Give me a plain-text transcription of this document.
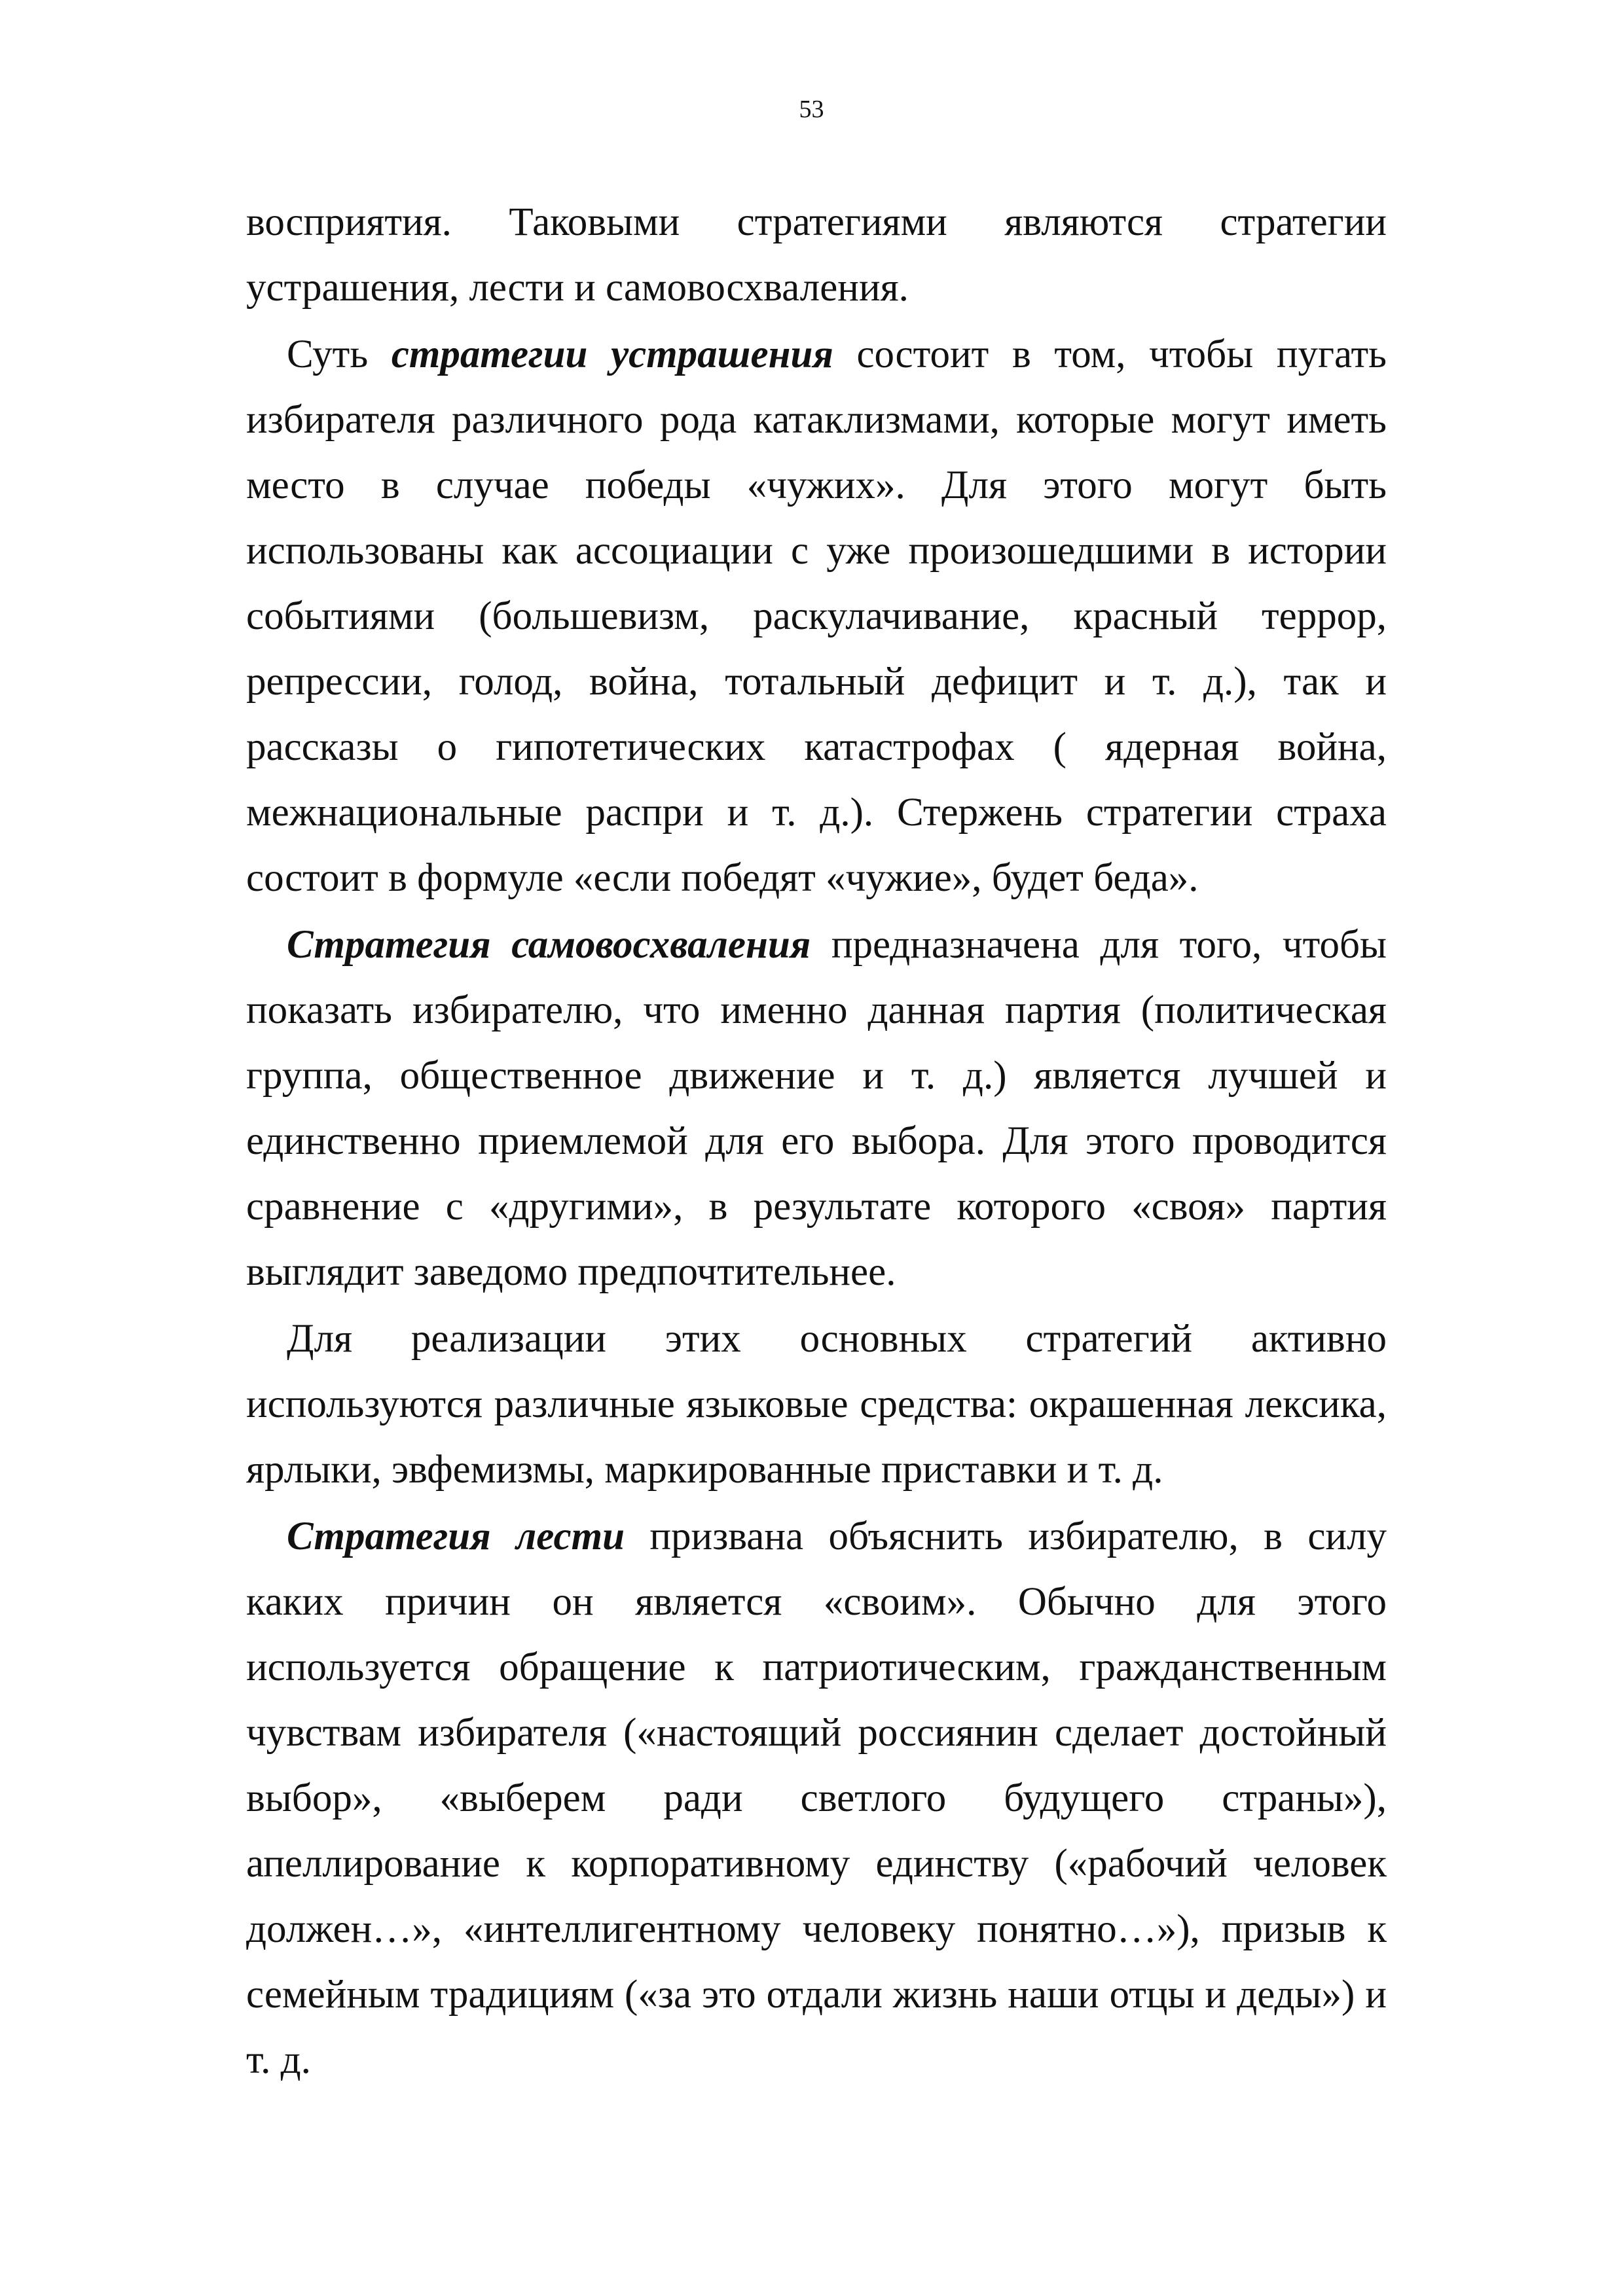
53

восприятия. Таковыми стратегиями являются стратегии устрашения, лести и самовосхваления.

Суть стратегии устрашения состоит в том, чтобы пугать избирателя различного рода катаклизмами, которые могут иметь место в случае победы «чужих». Для этого могут быть использованы как ассоциации с уже произошедшими в истории событиями (большевизм, раскулачивание, красный террор, репрессии, голод, война, тотальный дефицит и т. д.), так и рассказы о гипотетических катастрофах ( ядерная война, межнациональные распри и т. д.). Стержень стратегии страха состоит в формуле «если победят «чужие», будет беда».

Стратегия самовосхваления предназначена для того, чтобы показать избирателю, что именно данная партия (политическая группа, общественное движение и т. д.) является лучшей и единственно приемлемой для его выбора. Для этого проводится сравнение с «другими», в результате которого «своя» партия выглядит заведомо предпочтительнее.

Для реализации этих основных стратегий активно используются различные языковые средства: окрашенная лексика, ярлыки, эвфемизмы, маркированные приставки и т. д.

Стратегия лести призвана объяснить избирателю, в силу каких причин он является «своим». Обычно для этого используется обращение к патриотическим, гражданственным чувствам избирателя («настоящий россиянин сделает достойный выбор», «выберем ради светлого будущего страны»), апеллирование к корпоративному единству («рабочий человек должен…», «интеллигентному человеку понятно…»), призыв к семейным традициям («за это отдали жизнь наши отцы и деды») и т. д.
